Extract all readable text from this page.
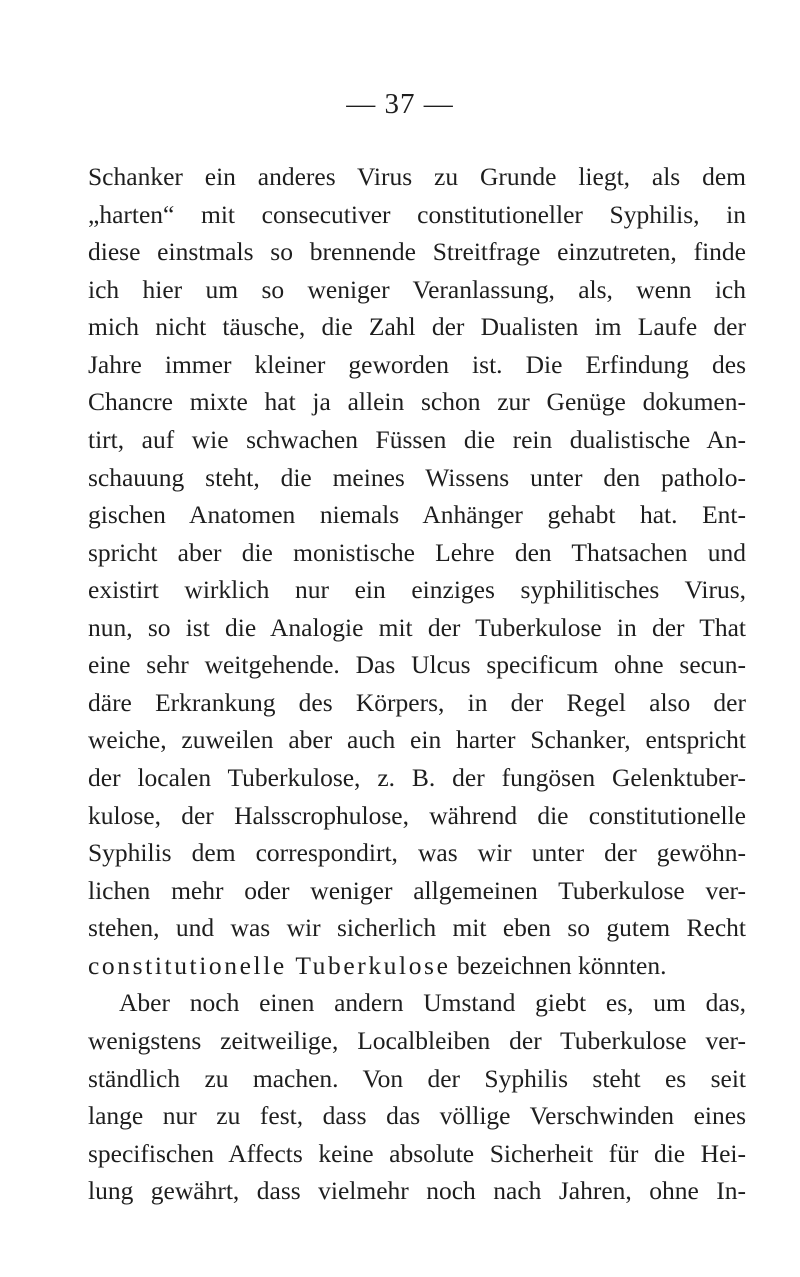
— 37 —
Schanker ein anderes Virus zu Grunde liegt, als dem
„harten“ mit consecutiver constitutioneller Syphilis, in
diese einstmals so brennende Streitfrage einzutreten, finde
ich hier um so weniger Veranlassung, als, wenn ich
mich nicht täusche, die Zahl der Dualisten im Laufe der
Jahre immer kleiner geworden ist. Die Erfindung des
Chancre mixte hat ja allein schon zur Genüge dokumen-
tirt, auf wie schwachen Füssen die rein dualistische An-
schauung steht, die meines Wissens unter den patholo-
gischen Anatomen niemals Anhänger gehabt hat. Ent-
spricht aber die monistische Lehre den Thatsachen und
existirt wirklich nur ein einziges syphilitisches Virus,
nun, so ist die Analogie mit der Tuberkulose in der That
eine sehr weitgehende. Das Ulcus specificum ohne secun-
däre Erkrankung des Körpers, in der Regel also der
weiche, zuweilen aber auch ein harter Schanker, entspricht
der localen Tuberkulose, z. B. der fungösen Gelenktuber-
kulose, der Halsscrophulose, während die constitutionelle
Syphilis dem correspondirt, was wir unter der gewöhn-
lichen mehr oder weniger allgemeinen Tuberkulose ver-
stehen, und was wir sicherlich mit eben so gutem Recht
constitutionelle Tuberkulose bezeichnen könnten.
Aber noch einen andern Umstand giebt es, um das,
wenigstens zeitweilige, Localbleiben der Tuberkulose ver-
ständlich zu machen. Von der Syphilis steht es seit
lange nur zu fest, dass das völlige Verschwinden eines
specifischen Affects keine absolute Sicherheit für die Hei-
lung gewährt, dass vielmehr noch nach Jahren, ohne In-
